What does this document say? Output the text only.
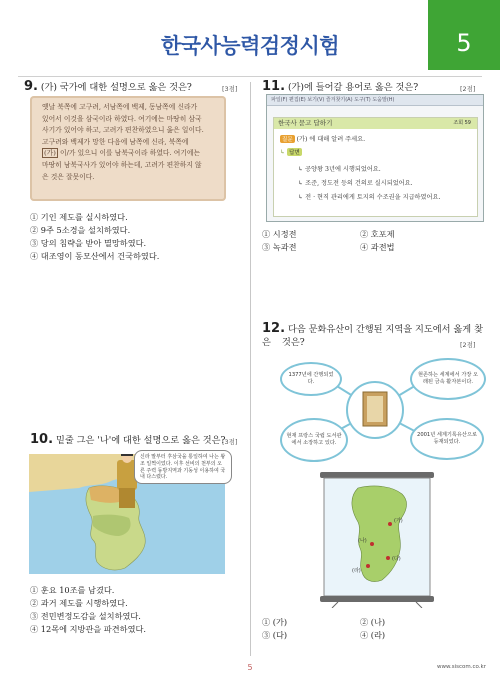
한국사능력검정시험	5
9. (가) 국가에 대한 설명으로 옳은 것은?	[3점]
옛날 북쪽에 고구려, 서남쪽에 백제, 동남쪽에 신라가
있어서 이것을 삼국이라 하였다. 여기에는 마땅히 삼국
사기가 있어야 하고, 고려가 편찬하였으니 옳은 일이다.
고구려와 백제가 망한 다음에 남쪽에 신라, 북쪽에
(가) 이/가 있으니 이를 남북국이라 하였다. 여기에는
마땅히 남북국사가 있어야 하는데, 고려가 편찬하지 않
은 것은 잘못이다.
① 기인 제도를 실시하였다.
② 9주 5소경을 설치하였다.
③ 당의 침략을 받아 멸망하였다.
④ 대조영이 동모산에서 건국하였다.
10. 밑줄 그은 '나'에 대한 설명으로 옳은 것은?
[3점]
신라 말부터 후삼국을 통일하여 나는 왕조 일찍이었다. 이후 선비의 천부의 오른 주력 동방지역과 기동성 이용하여 국내 다스렸다.
① 훈요 10조를 남겼다.
② 과거 제도를 시행하였다.
③ 전민변정도감을 설치하였다.
④ 12목에 지방관을 파견하였다.
11. (가)에 들어갈 용어로 옳은 것은?	[2점]
파일(F) 편집(E) 보기(V) 즐겨찾기(A) 도구(T) 도움말(H)
한국사 묻고 답하기	조회 59
질문 (가) 에 대해 알려 주세요.
↳ 답변
↳ 공양왕 3년에 시행되었어요.
↳ 조준, 정도전 등의 건의로 실시되었어요.
↳ 전 · 현직 관리에게 토지의 수조권을 지급하였어요.
① 시정전
③ 녹과전
② 호포제
④ 과전법
12. 다음 문화유산이 간행된 지역을 지도에서 옳게 찾은	것은?	[2점]
1377년에 간행되었다.
현존하는 세계에서 가장 오래된 금속 활자본이다.
현재 프랑스 국립 도서관에서 소장하고 있다.
2001년 세계기록유산으로 등재되었다.
(가)
(나)
(다)
(라)
① (가)
③ (다)
② (나)
④ (라)
5	www.siscom.co.kr
